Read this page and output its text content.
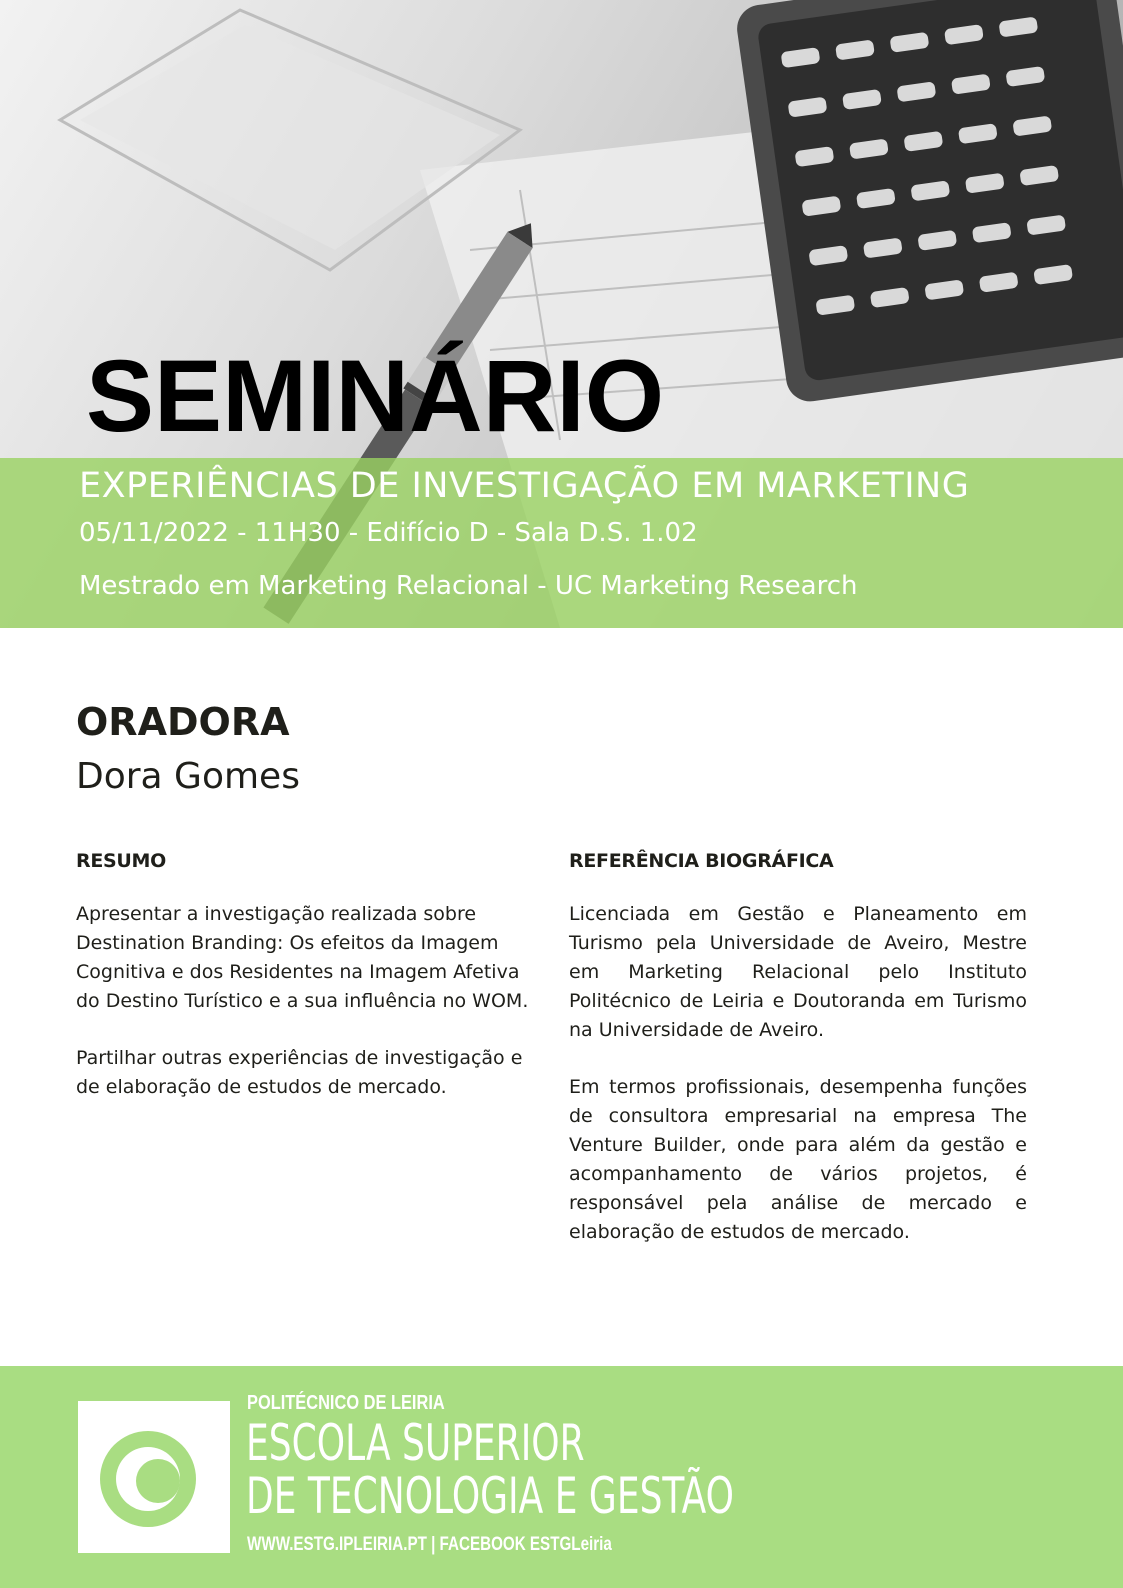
SEMINÁRIO
EXPERIÊNCIAS DE INVESTIGAÇÃO EM MARKETING
05/11/2022 - 11H30 - Edifício D - Sala D.S. 1.02
Mestrado em Marketing Relacional - UC Marketing Research
ORADORA
Dora Gomes
RESUMO

Apresentar a investigação realizada sobre Destination Branding: Os efeitos da Imagem Cognitiva e dos Residentes na Imagem Afetiva do Destino Turístico e a sua influência no WOM.

Partilhar outras experiências de investigação e de elaboração de estudos de mercado.

REFERÊNCIA BIOGRÁFICA

Licenciada em Gestão e Planeamento em Turismo pela Universidade de Aveiro, Mestre em Marketing Relacional pelo Instituto Politécnico de Leiria e Doutoranda em Turismo na Universidade de Aveiro.

Em termos profissionais, desempenha funções de consultora empresarial na empresa The Venture Builder, onde para além da gestão e acompanhamento de vários projetos, é responsável pela análise de mercado e elaboração de estudos de mercado.

POLITÉCNICO DE LEIRIA
ESCOLA SUPERIOR
DE TECNOLOGIA E GESTÃO
WWW.ESTG.IPLEIRIA.PT | FACEBOOK ESTGLeiria
